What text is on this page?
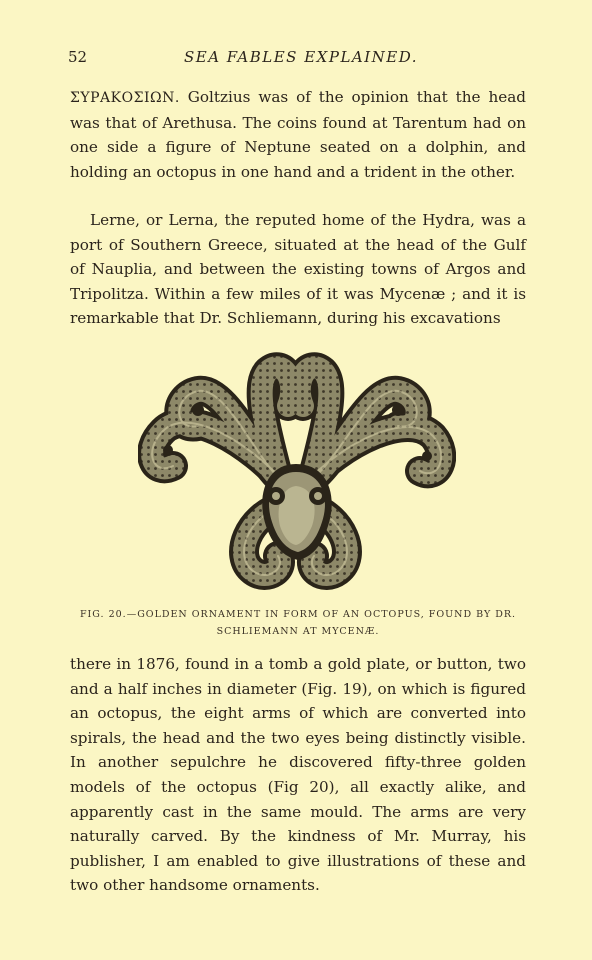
52	SEA FABLES EXPLAINED.

ΣΥΡΑΚΟΣΙΩΝ. Goltzius was of the opinion that the head was that of Arethusa. The coins found at Tarentum had on one side a figure of Neptune seated on a dolphin, and holding an octopus in one hand and a trident in the other.

Lerne, or Lerna, the reputed home of the Hydra, was a port of Southern Greece, situated at the head of the Gulf of Nauplia, and between the existing towns of Argos and Tripolitza. Within a few miles of it was Mycenæ ; and it is remarkable that Dr. Schliemann, during his excavations

FIG. 20.—GOLDEN ORNAMENT IN FORM OF AN OCTOPUS, FOUND BY DR. SCHLIEMANN AT MYCENÆ.

there in 1876, found in a tomb a gold plate, or button, two and a half inches in diameter (Fig. 19), on which is figured an octopus, the eight arms of which are converted into spirals, the head and the two eyes being distinctly visible. In another sepulchre he discovered fifty-three golden models of the octopus (Fig 20), all exactly alike, and apparently cast in the same mould. The arms are very naturally carved. By the kindness of Mr. Murray, his publisher, I am enabled to give illustrations of these and two other handsome ornaments.
